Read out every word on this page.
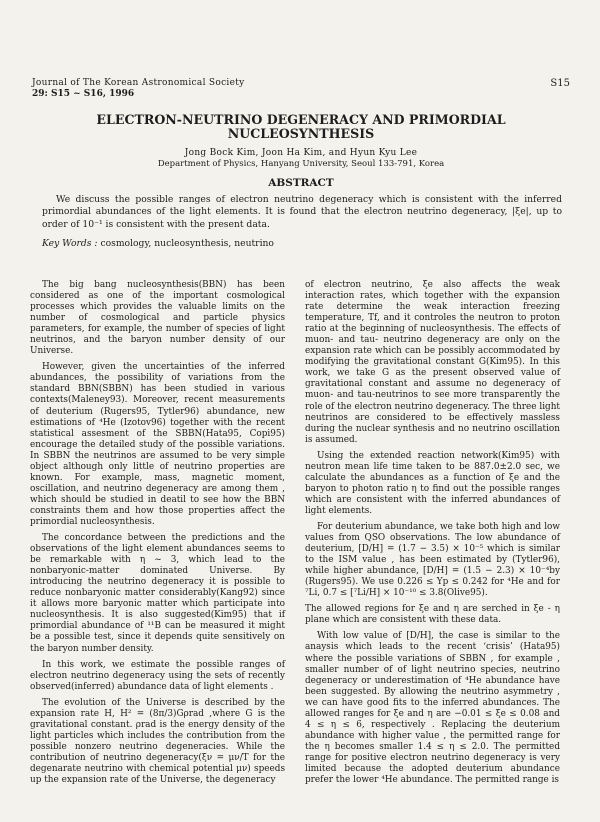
Journal of The Korean Astronomical Society
29: S15 ~ S16, 1996
S15
ELECTRON-NEUTRINO DEGENERACY AND PRIMORDIAL
NUCLEOSYNTHESIS
Jong Bock Kim, Joon Ha Kim, and Hyun Kyu Lee
Department of Physics, Hanyang University, Seoul 133-791, Korea
ABSTRACT
We discuss the possible ranges of electron neutrino degeneracy which is consistent with the inferred primordial abundances of the light elements. It is found that the electron neutrino degeneracy, |ξe|, up to order of 10⁻¹ is consistent with the present data.
Key Words : cosmology, nucleosynthesis, neutrino

The big bang nucleosynthesis(BBN) has been considered as one of the important cosmological processes which provides the valuable limits on the number of cosmological and particle physics parameters, for example, the number of species of light neutrinos, and the baryon number density of our Universe.

However, given the uncertainties of the inferred abundances, the possibility of variations from the standard BBN(SBBN) has been studied in various contexts(Maleney93). Moreover, recent measurements of deuterium (Rugers95, Tytler96) abundance, new estimations of ⁴He (Izotov96) together with the recent statistical assesment of the SBBN(Hata95, Copi95) encourage the detailed study of the possible variations. In SBBN the neutrinos are assumed to be very simple object although only little of neutrino properties are known. For example, mass, magnetic moment, oscillation, and neutrino degeneracy are among them , which should be studied in deatil to see how the BBN constraints them and how those properties affect the primordial nucleosynthesis.

The concordance between the predictions and the observations of the light element abundances seems to be remarkable with η ~ 3, which lead to the nonbaryonic-matter dominated Universe. By introducing the neutrino degeneracy it is possible to reduce nonbaryonic matter considerably(Kang92) since it allows more baryonic matter which participate into nucleosynthesis. It is also suggested(Kim95) that if primordial abundance of ¹¹B can be measured it might be a possible test, since it depends quite sensitively on the baryon number density.

In this work, we estimate the possible ranges of electron neutrino degeneracy using the sets of recently observed(inferred) abundance data of light elements .

The evolution of the Universe is described by the expansion rate H, H² = (8π/3)Gρrad ,where G is the gravitational constant. ρrad is the energy density of the light particles which includes the contribution from the possible nonzero neutrino degeneracies. While the contribution of neutrino degeneracy(ξν = μν/T for the degenarate neutrino with chemical potential μν) speeds up the expansion rate of the Universe, the degeneracy

of electron neutrino, ξe also affects the weak interaction rates, which together with the expansion rate determine the weak interaction freezing temperature, Tf, and it controles the neutron to proton ratio at the beginning of nucleosynthesis. The effects of muon- and tau- neutrino degeneracy are only on the expansion rate which can be possibly accommodated by modifying the gravitational constant G(Kim95). In this work, we take G as the present observed value of gravitational constant and assume no degeneracy of muon- and tau-neutrinos to see more transparently the role of the electron neutrino degeneracy. The three light neutrinos are considered to be effectively massless during the nuclear synthesis and no neutrino oscillation is assumed.

Using the extended reaction network(Kim95) with neutron mean life time taken to be 887.0±2.0 sec, we calculate the abundances as a function of ξe and the baryon to photon ratio η to find out the possible ranges which are consistent with the inferred abundances of light elements.

For deuterium abundance, we take both high and low values from QSO observations. The low abundance of deuterium, [D/H] = (1.7 − 3.5) × 10⁻⁵ which is similar to the ISM value , has been estimated by (Tytler96), while higher abundance, [D/H] = (1.5 − 2.3) × 10⁻⁴by (Rugers95). We use 0.226 ≤ Yp ≤ 0.242 for ⁴He and for ⁷Li, 0.7 ≤ [⁷Li/H] × 10⁻¹⁰ ≤ 3.8(Olive95).

The allowed regions for ξe and η are serched in ξe - η plane which are consistent with these data.

With low value of [D/H], the case is similar to the anaysis which leads to the recent ‘crisis’ (Hata95) where the possible variations of SBBN , for example , smaller number of of light neutrino species, neutrino degeneracy or underestimation of ⁴He abundance have been suggested. By allowing the neutrino asymmetry , we can have good fits to the inferred abundances. The allowed ranges for ξe and η are −0.01 ≤ ξe ≤ 0.08 and 4 ≤ η ≤ 6, respectively . Replacing the deuterium abundance with higher value , the permitted range for the η becomes smaller 1.4 ≤ η ≤ 2.0. The permitted range for positive electron neutrino degeneracy is very limited because the adopted deuterium abundance prefer the lower ⁴He abundance. The permitted range is
